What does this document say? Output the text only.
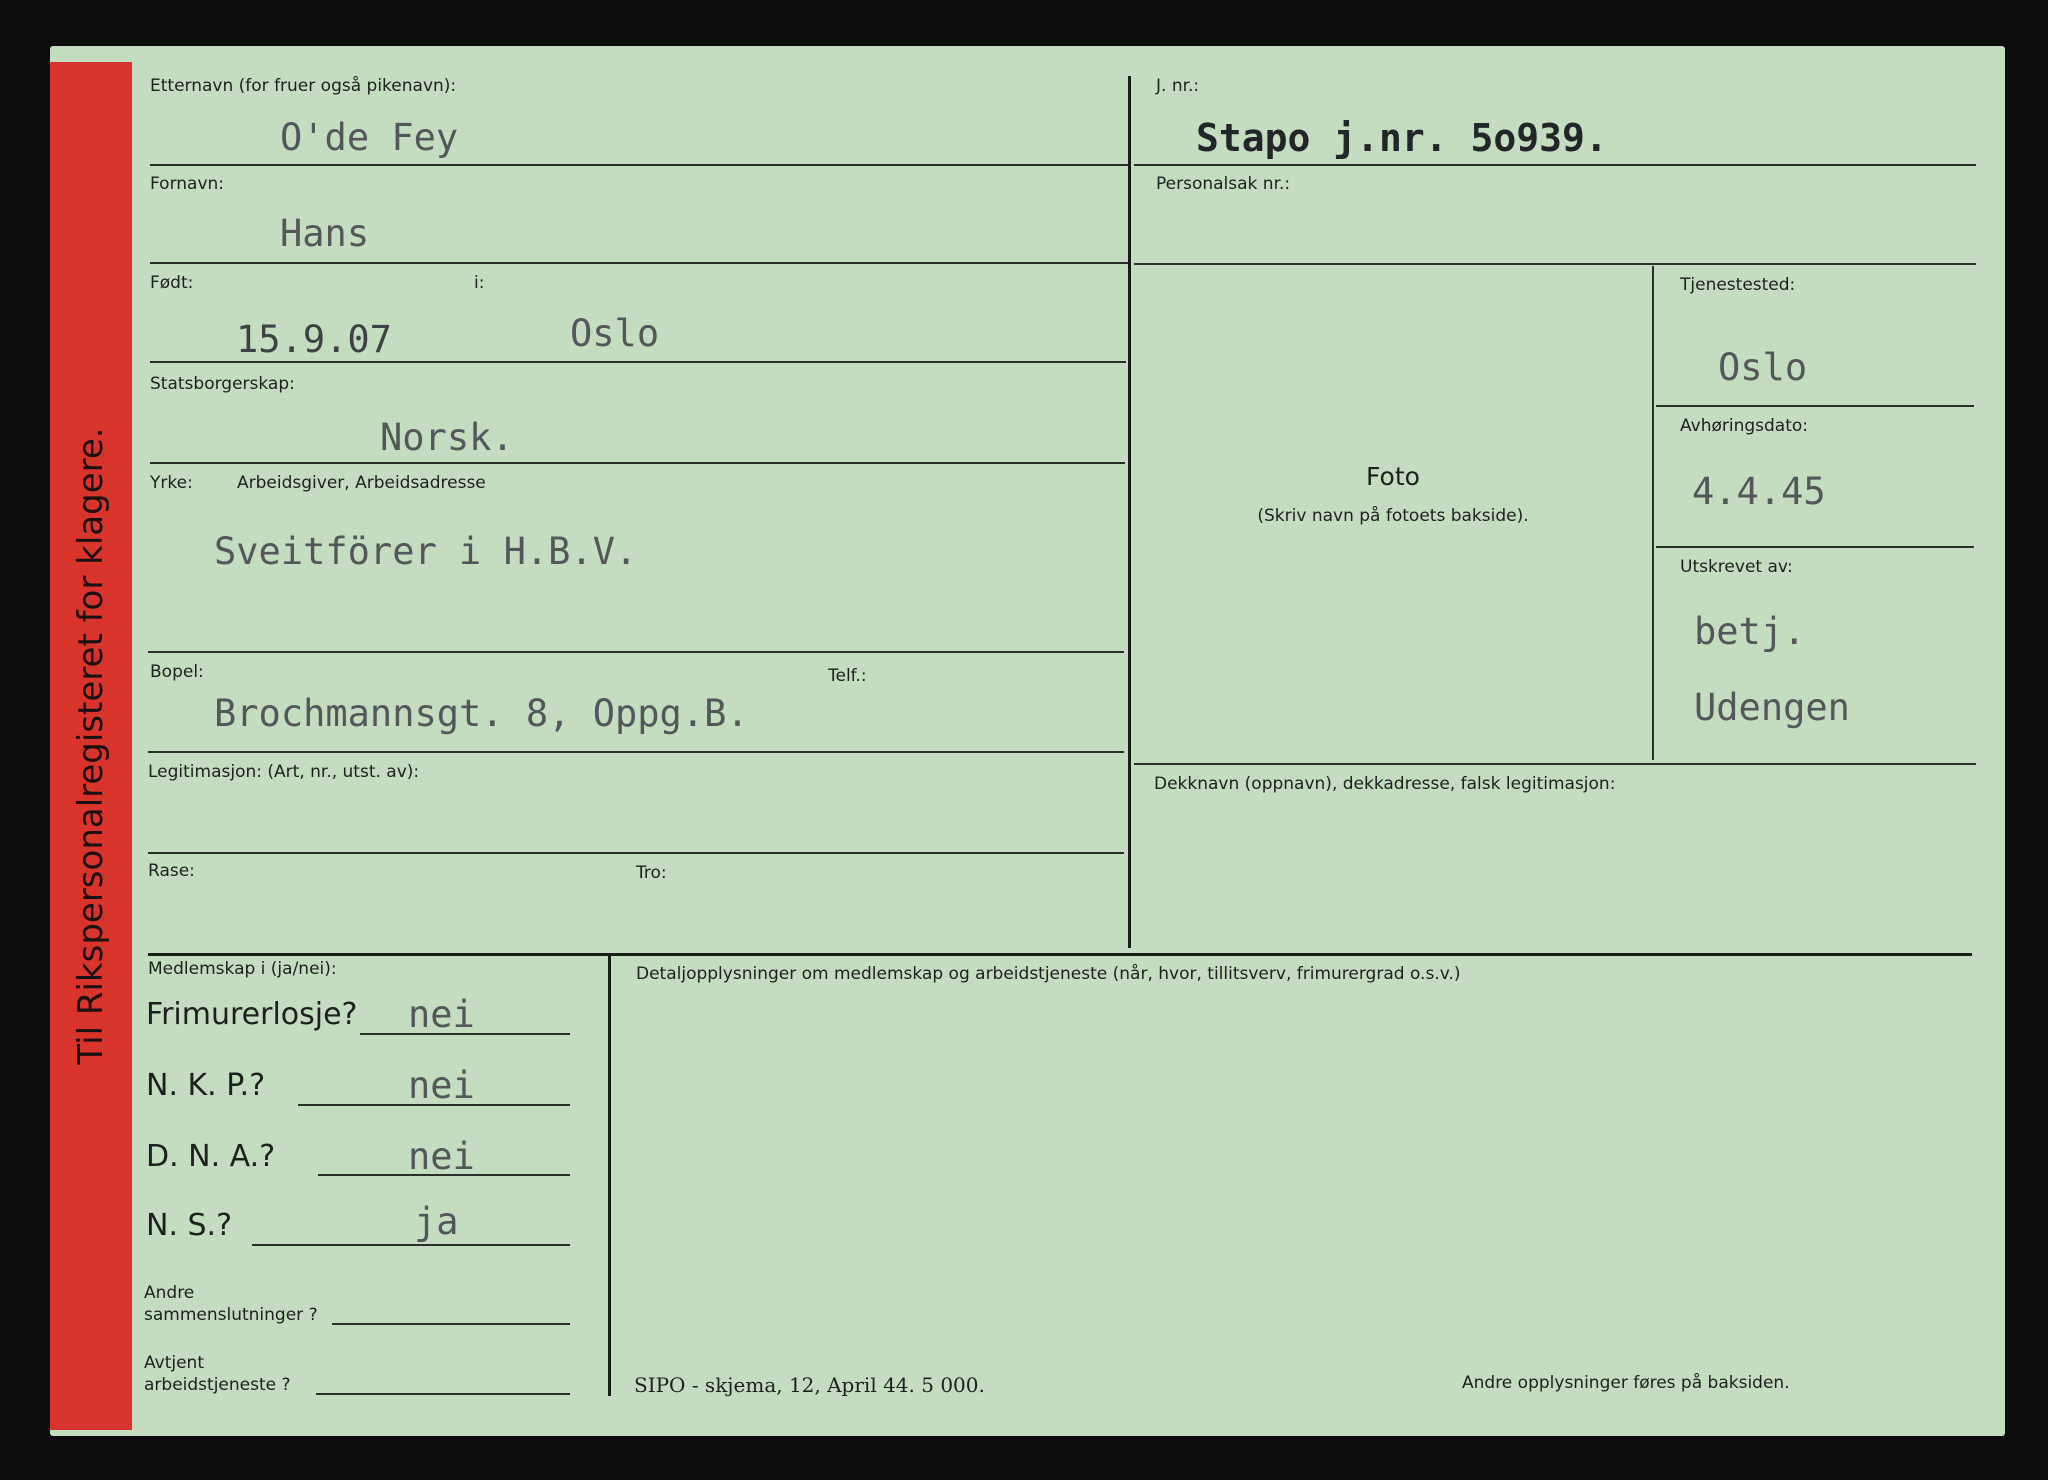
Til Rikspersonalregisteret for klagere.
Etternavn (for fruer også pikenavn):
O'de Fey
Fornavn:
Hans
Født:	i:
15.9.07	Oslo
Statsborgerskap:
Norsk.
Yrke:	Arbeidsgiver, Arbeidsadresse
Sveitförer i H.B.V.
Bopel:	Telf.:
Brochmannsgt. 8, Oppg.B.
Legitimasjon: (Art, nr., utst. av):
Rase:	Tro:
J. nr.:
Stapo j.nr. 5o939.
Personalsak nr.:
Foto
(Skriv navn på fotoets bakside).
Tjenestested:
Oslo
Avhøringsdato:
4.4.45
Utskrevet av:
betj.
Udengen
Dekknavn (oppnavn), dekkadresse, falsk legitimasjon:
Medlemskap i (ja/nei):
Frimurerlosje? nei
N. K. P.?	nei
D. N. A.?	nei
N. S.?	ja
Andre
sammenslutninger ?
Avtjent
arbeidstjeneste ?
Detaljopplysninger om medlemskap og arbeidstjeneste (når, hvor, tillitsverv, frimurergrad o.s.v.)
SIPO - skjema, 12, April 44. 5 000.	Andre opplysninger føres på baksiden.
